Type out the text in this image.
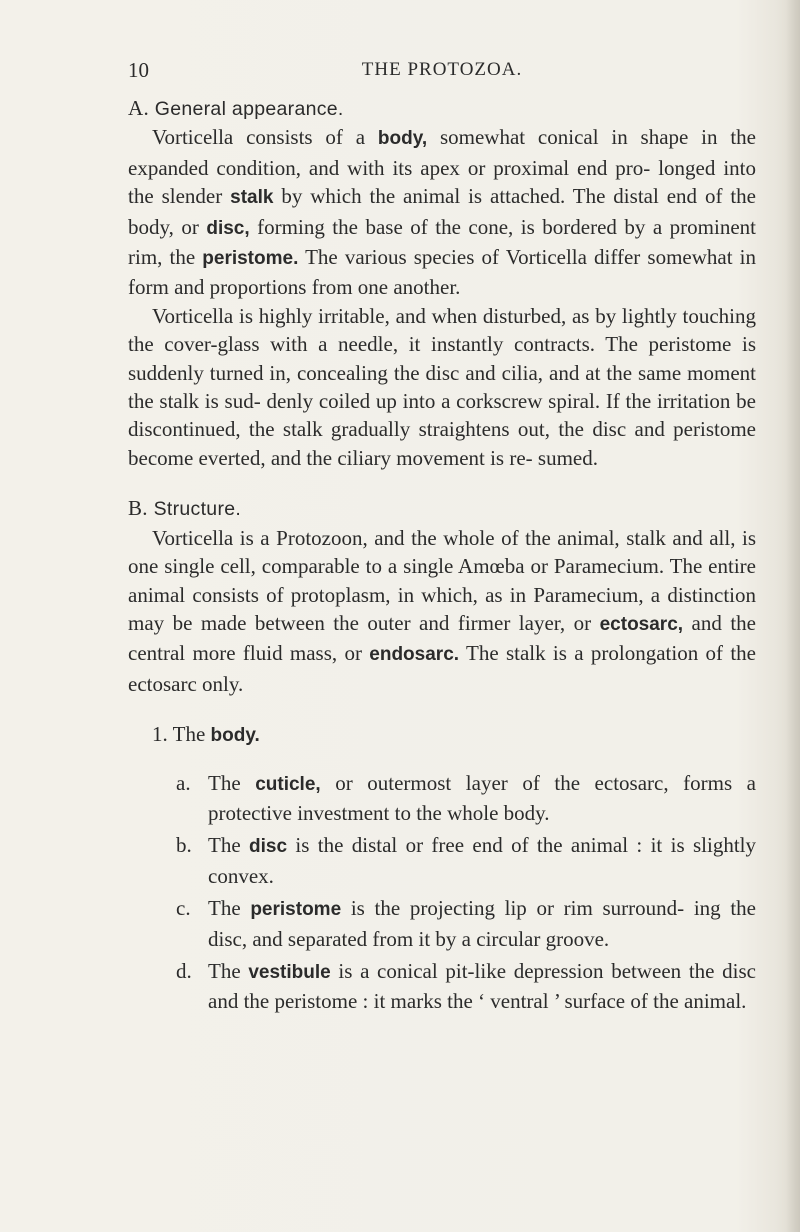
10	THE PROTOZOA.

A. General appearance.

Vorticella consists of a body, somewhat conical in shape in the expanded condition, and with its apex or proximal end pro- longed into the slender stalk by which the animal is attached. The distal end of the body, or disc, forming the base of the cone, is bordered by a prominent rim, the peristome. The various species of Vorticella differ somewhat in form and proportions from one another.

Vorticella is highly irritable, and when disturbed, as by lightly touching the cover-glass with a needle, it instantly contracts. The peristome is suddenly turned in, concealing the disc and cilia, and at the same moment the stalk is sud- denly coiled up into a corkscrew spiral. If the irritation be discontinued, the stalk gradually straightens out, the disc and peristome become everted, and the ciliary movement is re- sumed.

B. Structure.

Vorticella is a Protozoon, and the whole of the animal, stalk and all, is one single cell, comparable to a single Amœba or Paramecium. The entire animal consists of protoplasm, in which, as in Paramecium, a distinction may be made between the outer and firmer layer, or ectosarc, and the central more fluid mass, or endosarc. The stalk is a prolongation of the ectosarc only.

1. The body.

a. The cuticle, or outermost layer of the ectosarc, forms a protective investment to the whole body.

b. The disc is the distal or free end of the animal : it is slightly convex.

c. The peristome is the projecting lip or rim surround- ing the disc, and separated from it by a circular groove.

d. The vestibule is a conical pit-like depression between the disc and the peristome : it marks the ‘ ventral ’ surface of the animal.
